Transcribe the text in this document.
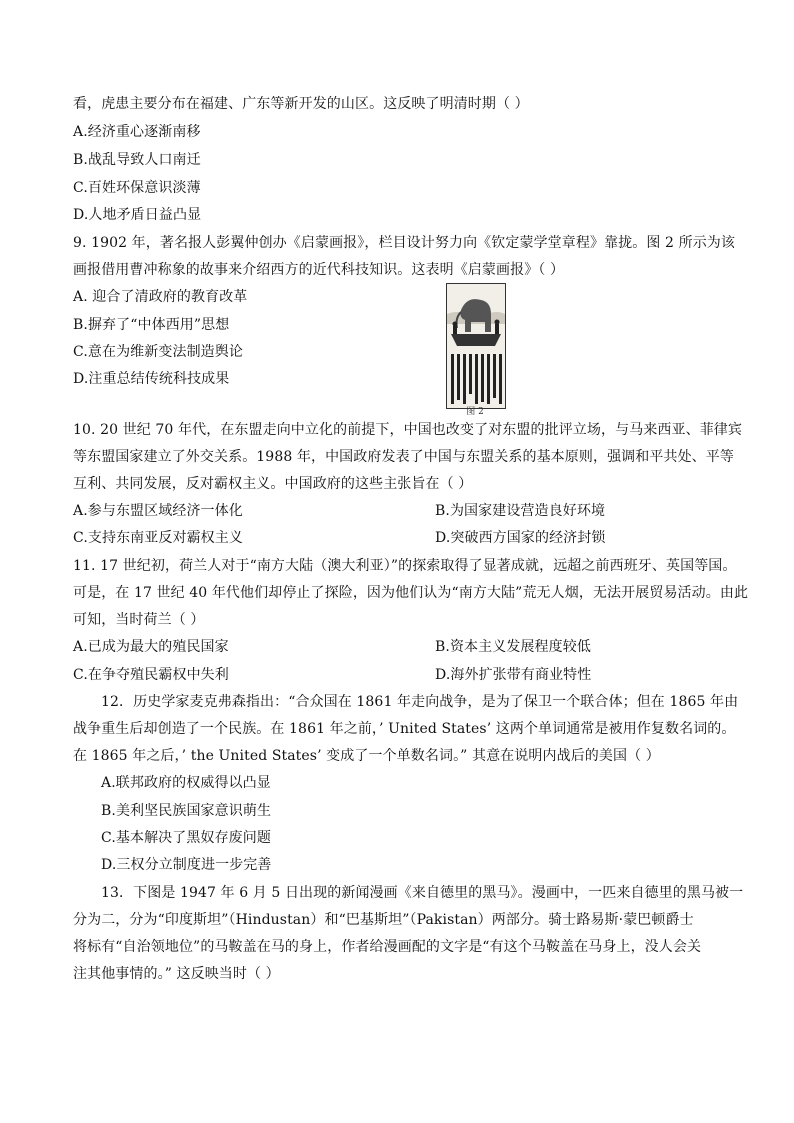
看，虎患主要分布在福建、广东等新开发的山区。这反映了明清时期（ ）
A.经济重心逐渐南移
B.战乱导致人口南迁
C.百姓环保意识淡薄
D.人地矛盾日益凸显
9. 1902 年，著名报人彭翼仲创办《启蒙画报》，栏目设计努力向《钦定蒙学堂章程》靠拢。图 2 所示为该
画报借用曹冲称象的故事来介绍西方的近代科技知识。这表明《启蒙画报》（ ）
A. 迎合了清政府的教育改革
B.摒弃了“中体西用”思想
C.意在为维新变法制造舆论
D.注重总结传统科技成果
图 2
10. 20 世纪 70 年代，在东盟走向中立化的前提下，中国也改变了对东盟的批评立场，与马来西亚、菲律宾
等东盟国家建立了外交关系。1988 年，中国政府发表了中国与东盟关系的基本原则，强调和平共处、平等
互利、共同发展，反对霸权主义。中国政府的这些主张旨在（ ）
A.参与东盟区域经济一体化	B.为国家建设营造良好环境
C.支持东南亚反对霸权主义	D.突破西方国家的经济封锁
11. 17 世纪初，荷兰人对于“南方大陆（澳大利亚）”的探索取得了显著成就，远超之前西班牙、英国等国。
可是，在 17 世纪 40 年代他们却停止了探险，因为他们认为“南方大陆”荒无人烟，无法开展贸易活动。由此
可知，当时荷兰（ ）
A.已成为最大的殖民国家	B.资本主义发展程度较低
C.在争夺殖民霸权中失利	D.海外扩张带有商业特性
12．历史学家麦克弗森指出：“合众国在 1861 年走向战争，是为了保卫一个联合体；但在 1865 年由
战争重生后却创造了一个民族。在 1861 年之前，’ United States’ 这两个单词通常是被用作复数名词的。
在 1865 年之后，’ the United States’ 变成了一个单数名词。” 其意在说明内战后的美国（ ）
A.联邦政府的权威得以凸显
B.美利坚民族国家意识萌生
C.基本解决了黑奴存废问题
D.三权分立制度进一步完善
13．下图是 1947 年 6 月 5 日出现的新闻漫画《来自德里的黑马》。漫画中，一匹来自德里的黑马被一
分为二，分为“印度斯坦”（Hindustan）和“巴基斯坦”（Pakistan）两部分。骑士路易斯·蒙巴顿爵士
将标有“自治领地位”的马鞍盖在马的身上，作者给漫画配的文字是“有这个马鞍盖在马身上，没人会关
注其他事情的。” 这反映当时（ ）
